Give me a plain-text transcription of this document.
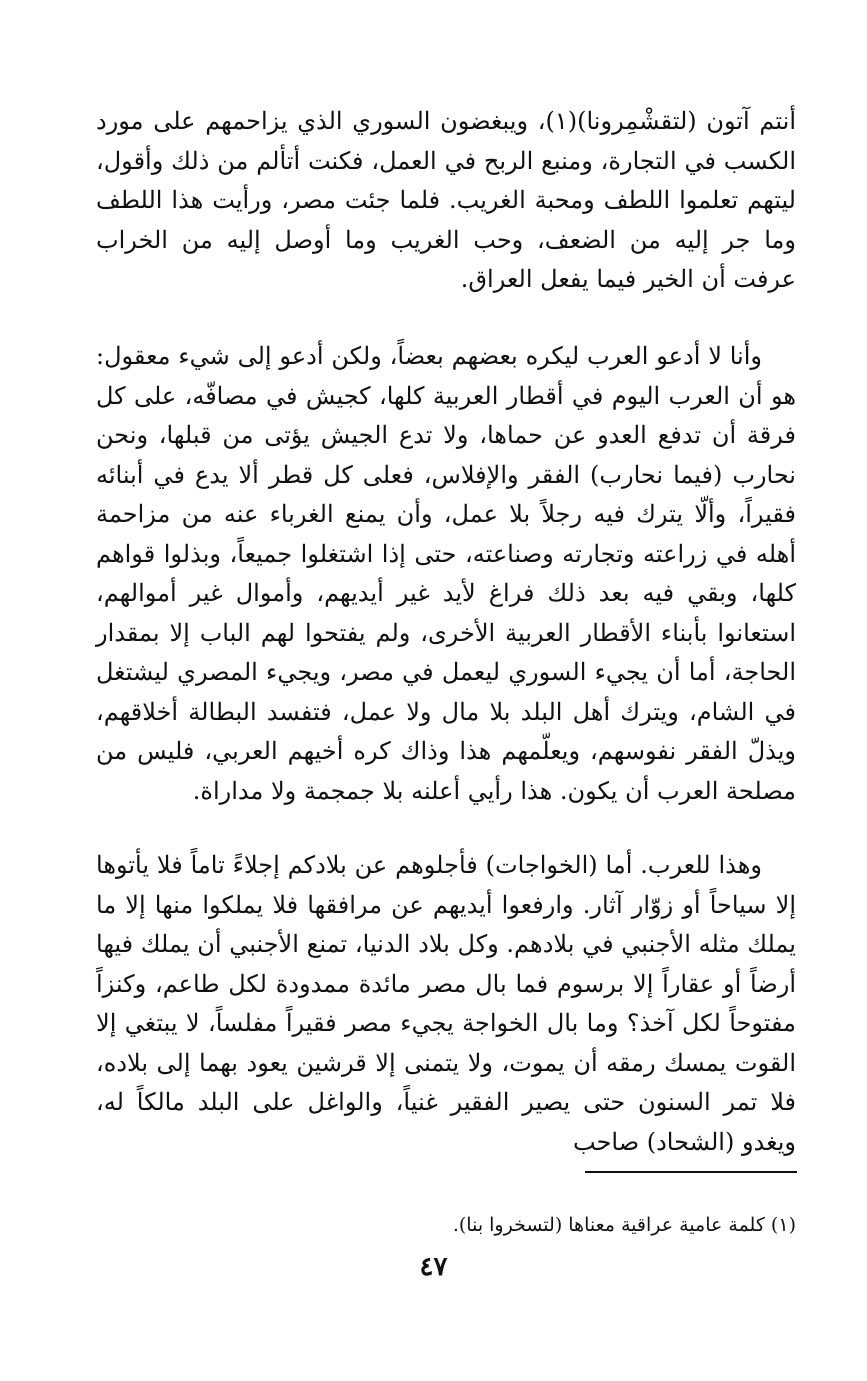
أنتم آتون (لتقشْمِرونا)(١)، ويبغضون السوري الذي يزاحمهم على مورد الكسب في التجارة، ومنبع الربح في العمل، فكنت أتألم من ذلك وأقول، ليتهم تعلموا اللطف ومحبة الغريب. فلما جئت مصر، ورأيت هذا اللطف وما جر إليه من الضعف، وحب الغريب وما أوصل إليه من الخراب عرفت أن الخير فيما يفعل العراق.

وأنا لا أدعو العرب ليكره بعضهم بعضاً، ولكن أدعو إلى شيء معقول: هو أن العرب اليوم في أقطار العربية كلها، كجيش في مصافّه، على كل فرقة أن تدفع العدو عن حماها، ولا تدع الجيش يؤتى من قبلها، ونحن نحارب (فيما نحارب) الفقر والإفلاس، فعلى كل قطر ألا يدع في أبنائه فقيراً، وألّا يترك فيه رجلاً بلا عمل، وأن يمنع الغرباء عنه من مزاحمة أهله في زراعته وتجارته وصناعته، حتى إذا اشتغلوا جميعاً، وبذلوا قواهم كلها، وبقي فيه بعد ذلك فراغ لأيد غير أيديهم، وأموال غير أموالهم، استعانوا بأبناء الأقطار العربية الأخرى، ولم يفتحوا لهم الباب إلا بمقدار الحاجة، أما أن يجيء السوري ليعمل في مصر، ويجيء المصري ليشتغل في الشام، ويترك أهل البلد بلا مال ولا عمل، فتفسد البطالة أخلاقهم، ويذلّ الفقر نفوسهم، ويعلّمهم هذا وذاك كره أخيهم العربي، فليس من مصلحة العرب أن يكون. هذا رأيي أعلنه بلا جمجمة ولا مداراة.

وهذا للعرب. أما (الخواجات) فأجلوهم عن بلادكم إجلاءً تاماً فلا يأتوها إلا سياحاً أو زوّار آثار. وارفعوا أيديهم عن مرافقها فلا يملكوا منها إلا ما يملك مثله الأجنبي في بلادهم. وكل بلاد الدنيا، تمنع الأجنبي أن يملك فيها أرضاً أو عقاراً إلا برسوم فما بال مصر مائدة ممدودة لكل طاعم، وكنزاً مفتوحاً لكل آخذ؟ وما بال الخواجة يجيء مصر فقيراً مفلساً، لا يبتغي إلا القوت يمسك رمقه أن يموت، ولا يتمنى إلا قرشين يعود بهما إلى بلاده، فلا تمر السنون حتى يصير الفقير غنياً، والواغل على البلد مالكاً له، ويغدو (الشحاد) صاحب

(١) كلمة عامية عراقية معناها (لتسخروا بنا).

٤٧
